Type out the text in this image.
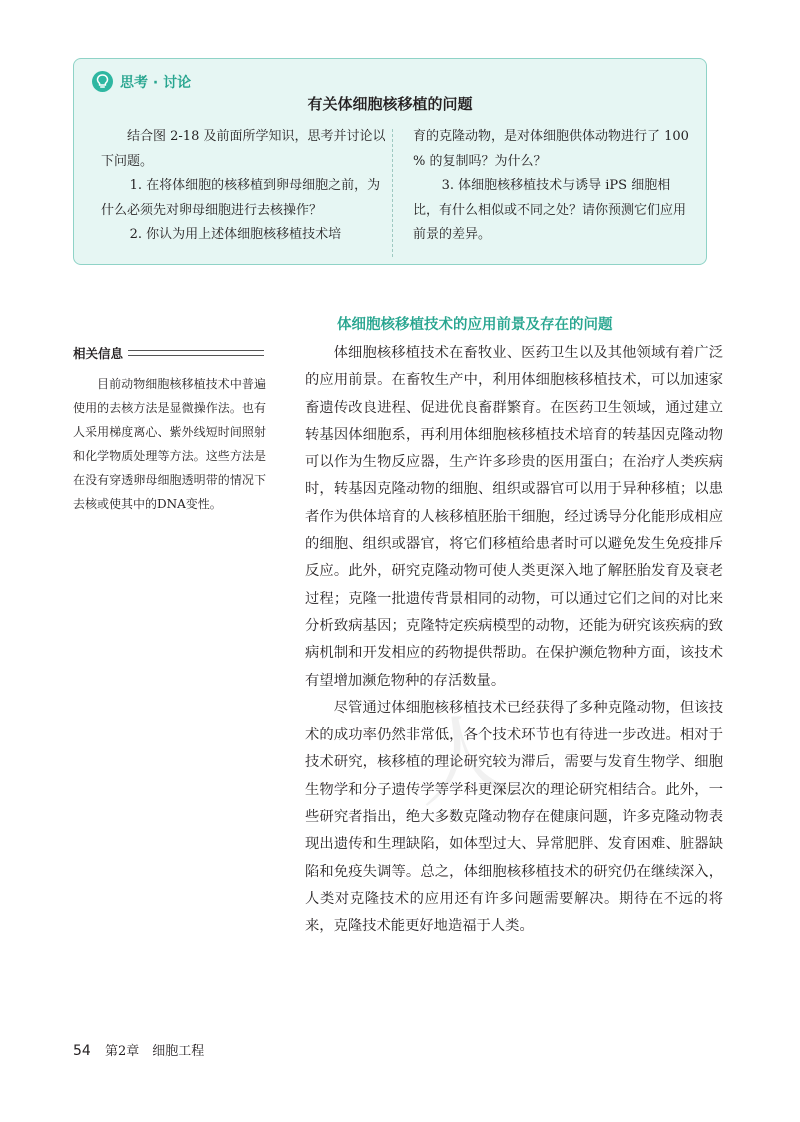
思考 · 讨论
有关体细胞核移植的问题

结合图 2-18 及前面所学知识，思考并讨论以下问题。

1. 在将体细胞的核移植到卵母细胞之前，为什么必须先对卵母细胞进行去核操作？

2. 你认为用上述体细胞核移植技术培

育的克隆动物，是对体细胞供体动物进行了 100 % 的复制吗？为什么？

3. 体细胞核移植技术与诱导 iPS 细胞相比，有什么相似或不同之处？请你预测它们应用前景的差异。

体细胞核移植技术的应用前景及存在的问题
相关信息

目前动物细胞核移植技术中普遍使用的去核方法是显微操作法。也有人采用梯度离心、紫外线短时间照射和化学物质处理等方法。这些方法是在没有穿透卵母细胞透明带的情况下去核或使其中的DNA变性。

人

体细胞核移植技术在畜牧业、医药卫生以及其他领域有着广泛的应用前景。在畜牧生产中，利用体细胞核移植技术，可以加速家畜遗传改良进程、促进优良畜群繁育。在医药卫生领域，通过建立转基因体细胞系，再利用体细胞核移植技术培育的转基因克隆动物可以作为生物反应器，生产许多珍贵的医用蛋白；在治疗人类疾病时，转基因克隆动物的细胞、组织或器官可以用于异种移植；以患者作为供体培育的人核移植胚胎干细胞，经过诱导分化能形成相应的细胞、组织或器官，将它们移植给患者时可以避免发生免疫排斥反应。此外，研究克隆动物可使人类更深入地了解胚胎发育及衰老过程；克隆一批遗传背景相同的动物，可以通过它们之间的对比来分析致病基因；克隆特定疾病模型的动物，还能为研究该疾病的致病机制和开发相应的药物提供帮助。在保护濒危物种方面，该技术有望增加濒危物种的存活数量。

尽管通过体细胞核移植技术已经获得了多种克隆动物，但该技术的成功率仍然非常低，各个技术环节也有待进一步改进。相对于技术研究，核移植的理论研究较为滞后，需要与发育生物学、细胞生物学和分子遗传学等学科更深层次的理论研究相结合。此外，一些研究者指出，绝大多数克隆动物存在健康问题，许多克隆动物表现出遗传和生理缺陷，如体型过大、异常肥胖、发育困难、脏器缺陷和免疫失调等。总之，体细胞核移植技术的研究仍在继续深入，人类对克隆技术的应用还有许多问题需要解决。期待在不远的将来，克隆技术能更好地造福于人类。

54 第2章　细胞工程
